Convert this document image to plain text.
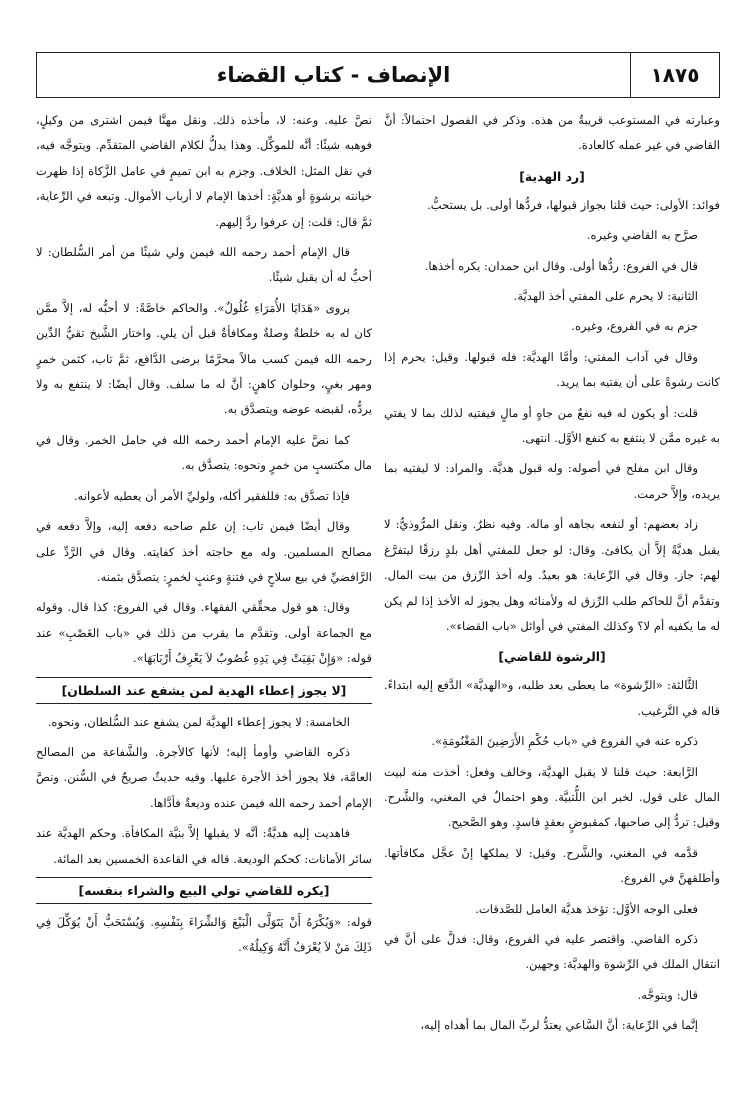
الإنصاف - كتاب القضاء	١٨٧٥

وعبارته في المستوعب قريبةٌ من هذه. وذكر في الفصول احتمالاً: أنَّ القاضي في غير عمله كالعادة.

[رد الهدية]

فوائد: الأولى: حيث قلنا بجواز قبولها، فردُّها أولى. بل يستحبُّ.

صرَّح به القاضي وغيره.

قال في الفروع: ردُّها أولى. وقال ابن حمدان: يكره أخذها.

الثانية: لا يحرم على المفتي أخذ الهديَّة.

جزم به في الفروع، وغيره.

وقال في آداب المفتي: وأمَّا الهديَّة: فله قبولها. وقيل: يحرم إذا كانت رشوةً على أن يفتيه بما يريد.

قلت: أو يكون له فيه نفعٌ من جاهٍ أو مالٍ فيفتيه لذلك بما لا يفتي به غيره ممَّن لا ينتفع به كنفع الأوَّل. انتهى.

وقال ابن مفلح في أصوله: وله قبول هديَّة. والمراد: لا ليفتيه بما يريده، وإلاَّ حرمت.

زاد بعضهم: أو لنفعه بجاهه أو ماله. وفيه نظرٌ. ونقل المرُّوذيُّ: لا يقبل هديَّةً إلاَّ أن يكافئ. وقال: لو جعل للمفتي أهل بلدٍ رزقًا ليتفرَّغ لهم: جاز. وقال في الرِّعاية: هو بعيدٌ. وله أخذ الرِّزق من بيت المال. وتقدَّم أنَّ للحاكم طلب الرِّزق له ولأمنائه وهل يجوز له الأخذ إذا لم يكن له ما يكفيه أم لا؟ وكذلك المفتي في أوائل «باب القضاء».

[الرشوة للقاضي]

الثَّالثة: «الرِّشوة» ما يعطى بعد طلبه، و«الهديَّة» الدَّفع إليه ابتداءً. قاله في التَّرغيب.

ذكره عنه في الفروع في «باب حُكْمِ الأَرَضِينَ المَغْنُومَةِ».

الرَّابعة: حيث قلنا لا يقبل الهديَّة، وخالف وفعل: أخذت منه لبيت المال على قول. لخبر ابن اللُّتبيَّة. وهو احتمالٌ في المغني، والشَّرح. وقيل: تردُّ إلى صاحبها، كمقبوضٍ بعقدٍ فاسدٍ. وهو الصَّحيح.

قدَّمه في المغني، والشَّرح. وقيل: لا يملكها إنْ عجَّل مكافأتها. وأطلقهنَّ في الفروع.

فعلى الوجه الأوَّل: تؤخذ هديَّة العامل للصَّدقات.

ذكره القاضي. واقتصر عليه في الفروع، وقال: فدلَّ على أنَّ في انتقال الملك في الرِّشوة والهديَّة: وجهين.

قال: ويتوجَّه.

إنَّما في الرِّعاية: أنَّ السَّاعي يعتدُّ لربِّ المال بما أهداه إليه،

نصَّ عليه. وعنه: لا، مأخذه ذلك. ونقل مهنَّا فيمن اشترى من وكيلٍ، فوهبه شيئًا: أنَّه للموكِّل. وهذا يدلُّ لكلام القاضي المتقدِّم. ويتوجَّه فيه، في نقل المثل: الخلاف. وجزم به ابن تميمٍ في عامل الزَّكاة إذا ظهرت خيانته برشوةٍ أو هديَّةٍ: أخذها الإمام لا أرباب الأموال. وتبعه في الرِّعاية، ثمَّ قال: قلت: إن عرفوا ردَّ إليهم.

قال الإمام أحمد رحمه الله فيمن ولي شيئًا من أمر السُّلطان: لا أحبُّ له أن يقبل شيئًا.

يروى «هَدَايَا الأُمَرَاءِ غُلُولٌ». والحاكم خاصَّةً: لا أحبُّه له، إلاَّ ممَّن كان له به خلطةٌ وصلةٌ ومكافأةٌ قبل أن يلي. واختار الشَّيخ تقيُّ الدِّين رحمه الله فيمن كسب مالاً محرَّمًا برضى الدَّافع، ثمَّ تاب، كثمن خمرٍ ومهر بغيٍ، وحلوان كاهنٍ: أنَّ له ما سلف. وقال أيضًا: لا ينتفع به ولا يردُّه، لقبضه عوضه ويتصدَّق به.

كما نصَّ عليه الإمام أحمد رحمه الله في حامل الخمر. وقال في مال مكتسبٍ من خمرٍ ونحوه: يتصدَّق به.

فإذا تصدَّق به: فللفقير أكله، ولوليِّ الأمر أن يعطيه لأعوانه.

وقال أيضًا فيمن تاب: إن علم صاحبه دفعه إليه، وإلاَّ دفعه في مصالح المسلمين. وله مع حاجته أخذ كفايته. وقال في الرَّدِّ على الرَّافضيِّ في بيع سلاحٍ في فتنةٍ وعنبٍ لخمرٍ: يتصدَّق بثمنه.

وقال: هو قول محقِّقي الفقهاء. وقال في الفروع: كذا قال. وقوله مع الجماعة أولى. وتقدَّم ما يقرب من ذلك في «باب الغَصْبِ» عند قوله: «وَإِنْ بَقِيَتْ فِي يَدِهِ غُصُوبٌ لاَ يَعْرِفُ أَرْبَابَهَا».

[لا يجوز إعطاء الهدية لمن يشفع عند السلطان]

الخامسة: لا يجوز إعطاء الهديَّة لمن يشفع عند السُّلطان، ونحوه.

ذكره القاضي وأومأ إليه؛ لأنها كالأجرة. والشَّفاعة من المصالح العامَّة، فلا يجوز أخذ الأجرة عليها. وفيه حديثٌ صريحٌ في السُّنن. ونصَّ الإمام أحمد رحمه الله فيمن عنده وديعةٌ فأدَّاها.

فاهديت إليه هديَّةٌ: أنَّه لا يقبلها إلاَّ بنيَّة المكافأة. وحكم الهديَّة عند سائر الأمانات: كحكم الوديعة. قاله في القاعدة الخمسين بعد المائة.

[يكره للقاضي تولي البيع والشراء بنفسه]

قوله: «وَيُكْرَهُ أَنْ يَتَوَلَّى الْبَيْعَ وَالشِّرَاءَ بِنَفْسِهِ. وَيُسْتَحَبُّ أَنْ يُوَكِّلَ فِي ذَلِكَ مَنْ لاَ يُعْرَفُ أَنَّهُ وَكِيلُهُ».
